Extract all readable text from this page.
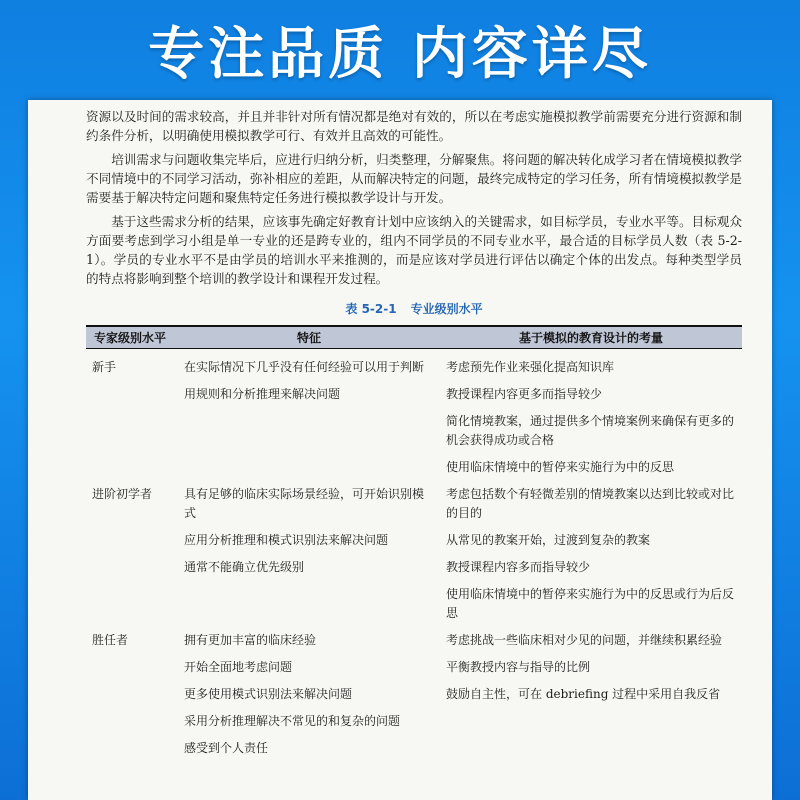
专注品质 内容详尽

资源以及时间的需求较高，并且并非针对所有情况都是绝对有效的，所以在考虑实施模拟教学前需要充分进行资源和制约条件分析，以明确使用模拟教学可行、有效并且高效的可能性。

培训需求与问题收集完毕后，应进行归纳分析，归类整理，分解聚焦。将问题的解决转化成学习者在情境模拟教学不同情境中的不同学习活动，弥补相应的差距，从而解决特定的问题，最终完成特定的学习任务，所有情境模拟教学是需要基于解决特定问题和聚焦特定任务进行模拟教学设计与开发。

基于这些需求分析的结果，应该事先确定好教育计划中应该纳入的关键需求，如目标学员，专业水平等。目标观众方面要考虑到学习小组是单一专业的还是跨专业的，组内不同学员的不同专业水平，最合适的目标学员人数（表 5-2-1）。学员的专业水平不是由学员的培训水平来推测的，而是应该对学员进行评估以确定个体的出发点。每种类型学员的特点将影响到整个培训的教学设计和课程开发过程。

表 5-2-1 专业级别水平
专家级别水平	特征	基于模拟的教育设计的考量
新手	在实际情况下几乎没有任何经验可以用于判断	考虑预先作业来强化提高知识库
	用规则和分析推理来解决问题	教授课程内容更多而指导较少
		简化情境教案，通过提供多个情境案例来确保有更多的机会获得成功或合格
		使用临床情境中的暂停来实施行为中的反思
进阶初学者	具有足够的临床实际场景经验，可开始识别模式	考虑包括数个有轻微差别的情境教案以达到比较或对比的目的
	应用分析推理和模式识别法来解决问题	从常见的教案开始，过渡到复杂的教案
	通常不能确立优先级别	教授课程内容多而指导较少
		使用临床情境中的暂停来实施行为中的反思或行为后反思
胜任者	拥有更加丰富的临床经验	考虑挑战一些临床相对少见的问题，并继续积累经验
	开始全面地考虑问题	平衡教授内容与指导的比例
	更多使用模式识别法来解决问题	鼓励自主性，可在 debriefing 过程中采用自我反省
	采用分析推理解决不常见的和复杂的问题	
	感受到个人责任	
